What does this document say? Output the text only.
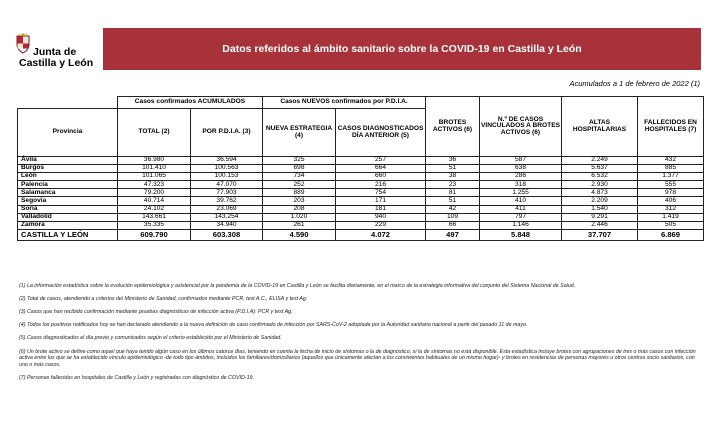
Junta de
Castilla y León
Datos referidos al ámbito sanitario sobre la COVID-19 en Castilla y León
Acumulados a 1 de febrero de 2022 (1)
	Casos confirmados ACUMULADOS		Casos NUEVOS confirmados por P.D.I.A.		BROTES ACTIVOS (6)	N.º DE CASOS VINCULADOS A BROTES ACTIVOS (6)	ALTAS HOSPITALARIAS	FALLECIDOS EN HOSPITALES (7)
Provincia	TOTAL (2)	POR P.D.I.A. (3)	NUEVA ESTRATEGIA (4)	CASOS DIAGNOSTICADOS DÍA ANTERIOR (5)				
Ávila	36.980	36.594	325	257	36	587	2.249	432
Burgos	101.410	100.563	698	664	51	638	5.637	885
León	101.065	100.153	734	660	38	286	6.532	1.377
Palencia	47.323	47.070	252	216	23	318	2.930	555
Salamanca	79.200	77.903	889	754	81	1.255	4.873	978
Segovia	40.714	39.762	203	171	51	410	2.209	406
Soria	24.102	23.069	208	181	42	411	1.540	312
Valladolid	143.661	143.254	1.020	940	109	797	9.291	1.419
Zamora	35.335	34.940	261	229	66	1.146	2.446	505
CASTILLA Y LEÓN	609.790	603.308	4.590	4.072	497	5.848	37.707	6.869

(1) La información estadística sobre la evolución epidemiológica y asistencial por la pandemia de la COVID-19 en Castilla y León se facilita diariamente, en el marco de la estrategia informativa del conjunto del Sistema Nacional de Salud.

(2) Total de casos, atendiendo a criterios del Ministerio de Sanidad, confirmados mediante PCR, test A.C., ELISA y test Ag.

(3) Casos que han recibido confirmación mediante pruebas diagnósticas de infección activa (P.D.I.A): PCR y test Ag.

(4) Todos los positivos notificados hoy se han declarado atendiendo a la nueva definición de caso confirmado de infección por SARS-CoV-2 adoptada por la Autoridad sanitaria nacional a partir del pasado 11 de mayo.

(5) Casos diagnosticados el día previo y comunicados según el criterio establecido por el Ministerio de Sanidad.

(6) Un brote activo se define como aquel que haya tenido algún caso en los últimos catorce días, teniendo en cuenta la fecha de inicio de síntomas o la de diagnóstico, si la de síntomas no está disponible. Esta estadística incluye brotes con agrupaciones de tres o más casos con infección activa entre los que se ha establecido vínculo epidemiológico -de todo tipo ámbitos, incluidos los familiares/domiciliarios (aquellos que únicamente afectan a los convivientes habituales de un mismo hogar)- y brotes en residencias de personas mayores u otros centros socio sanitarios, con uno o más casos.

(7) Personas fallecidas en hospitales de Castilla y León y registradas con diagnóstico de COVID-19.
